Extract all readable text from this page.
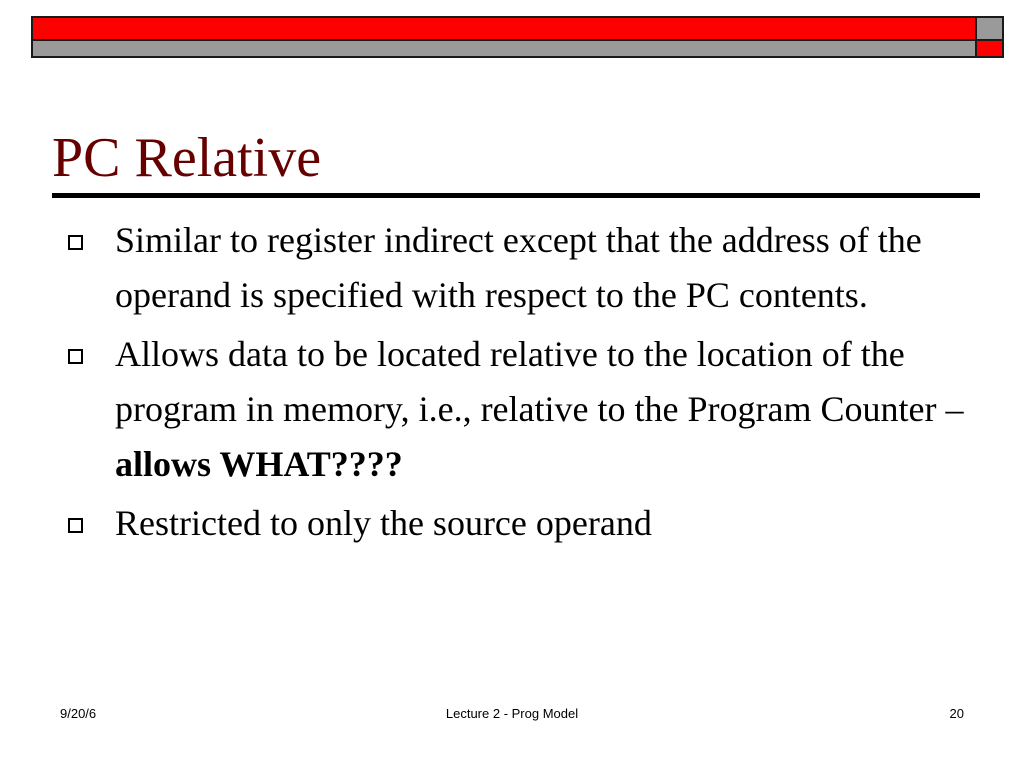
PC Relative
Similar to register indirect except that the address of the operand is specified with respect to the PC contents.
Allows data to be located relative to the location of the program in memory, i.e., relative to the Program Counter –
allows WHAT????
Restricted to only the source operand
9/20/6	Lecture 2 - Prog Model	20
